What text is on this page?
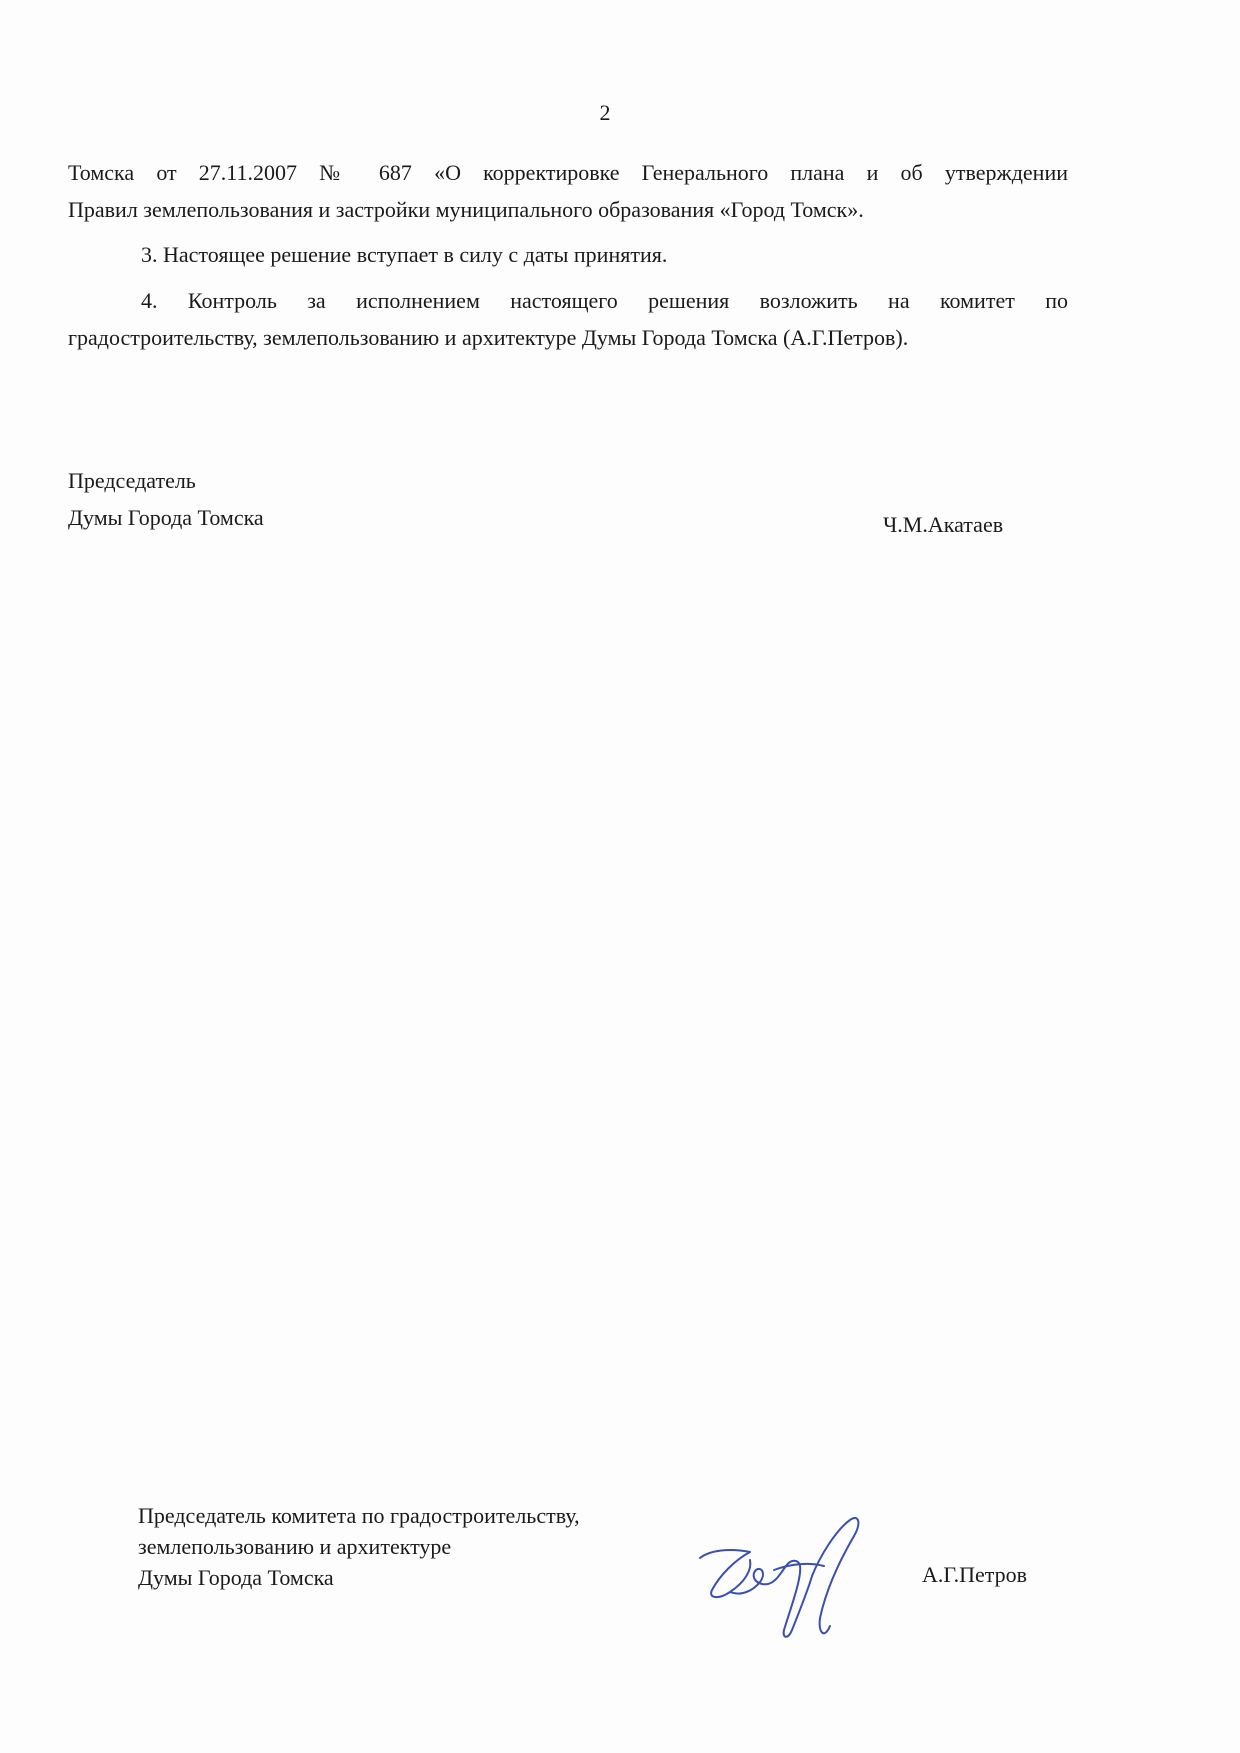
2
Томска от 27.11.2007 № 687 «О корректировке Генерального плана и об утверждении
Правил землепользования и застройки муниципального образования «Город Томск».
3. Настоящее решение вступает в силу с даты принятия.
4. Контроль за исполнением настоящего решения возложить на комитет по
градостроительству, землепользованию и архитектуре Думы Города Томска (А.Г.Петров).
Председатель
Думы Города Томска	Ч.М.Акатаев
Председатель комитета по градостроительству,
землепользованию и архитектуре
Думы Города Томска	А.Г.Петров
